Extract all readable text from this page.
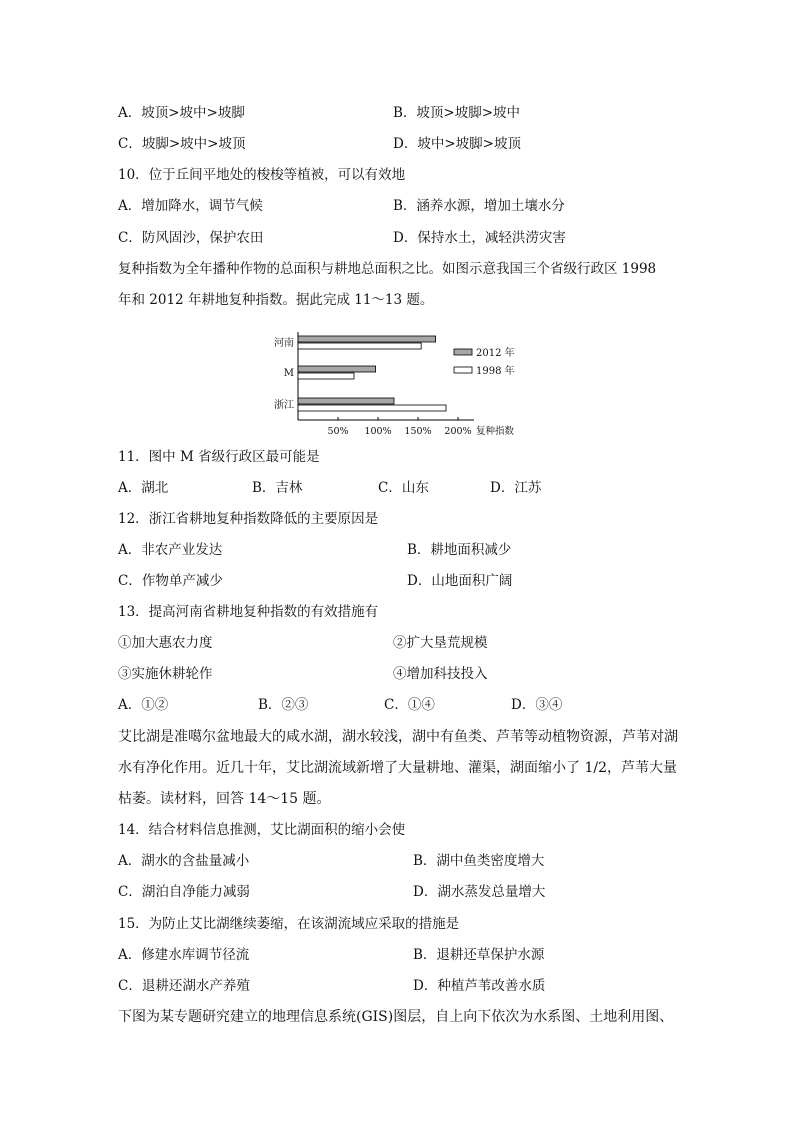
A．坡顶>坡中>坡脚	B．坡顶>坡脚>坡中
C．坡脚>坡中>坡顶	D．坡中>坡脚>坡顶
10．位于丘间平地处的梭梭等植被，可以有效地
A．增加降水，调节气候	B．涵养水源，增加土壤水分
C．防风固沙，保护农田	D．保持水土，减轻洪涝灾害
复种指数为全年播种作物的总面积与耕地总面积之比。如图示意我国三个省级行政区 1998
年和 2012 年耕地复种指数。据此完成 11～13 题。
50% 100% 150% 200% 复种指数
河南
M
浙江
2012 年
1998 年
11．图中 M 省级行政区最可能是
A．湖北	B．吉林	C．山东	D．江苏
12．浙江省耕地复种指数降低的主要原因是
A．非农产业发达	B．耕地面积减少
C．作物单产减少	D．山地面积广阔
13．提高河南省耕地复种指数的有效措施有
①加大惠农力度	②扩大垦荒规模
③实施休耕轮作	④增加科技投入
A．①②	B．②③	C．①④	D．③④
艾比湖是准噶尔盆地最大的咸水湖，湖水较浅，湖中有鱼类、芦苇等动植物资源，芦苇对湖
水有净化作用。近几十年，艾比湖流域新增了大量耕地、灌渠，湖面缩小了 1/2，芦苇大量
枯萎。读材料，回答 14～15 题。
14．结合材料信息推测，艾比湖面积的缩小会使
A．湖水的含盐量减小	B．湖中鱼类密度增大
C．湖泊自净能力减弱	D．湖水蒸发总量增大
15．为防止艾比湖继续萎缩，在该湖流域应采取的措施是
A．修建水库调节径流	B．退耕还草保护水源
C．退耕还湖水产养殖	D．种植芦苇改善水质
下图为某专题研究建立的地理信息系统(GIS)图层，自上向下依次为水系图、土地利用图、
